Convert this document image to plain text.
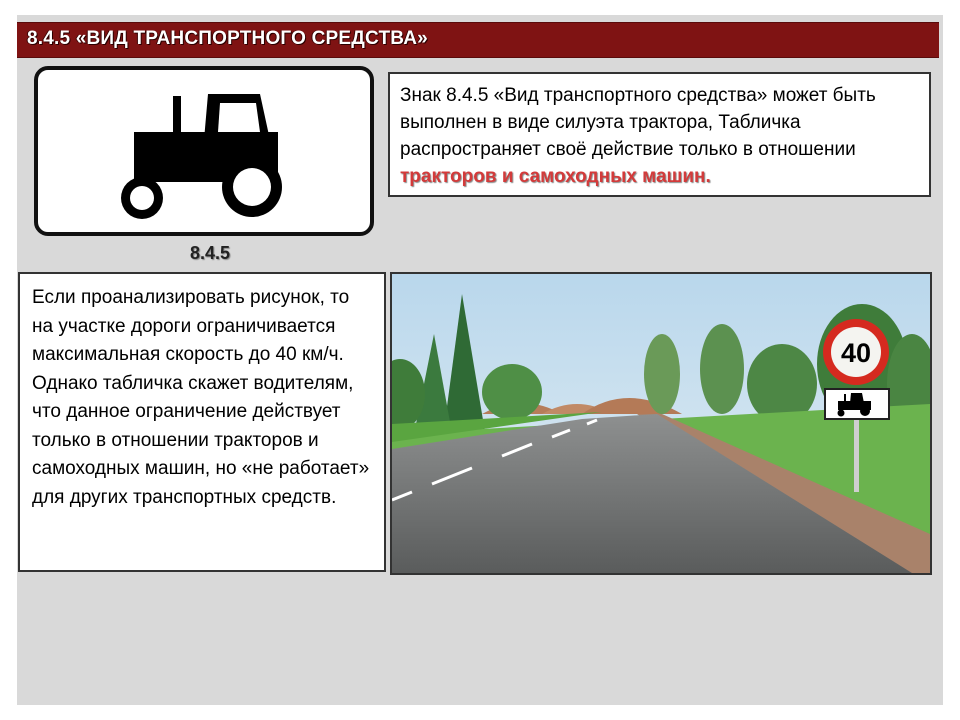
8.4.5 «ВИД ТРАНСПОРТНОГО СРЕДСТВА»
8.4.5
Знак 8.4.5 «Вид транспортного средства» может быть выполнен в виде силуэта трактора, Табличка распространяет своё действие только в отношении тракторов и самоходных машин.
Если проанализировать рисунок, то на участке дороги ограничивается максимальная скорость до 40 км/ч. Однако табличка скажет водителям, что данное ограничение действует только в отношении тракторов и самоходных машин, но «не работает» для других транспортных средств.
40
